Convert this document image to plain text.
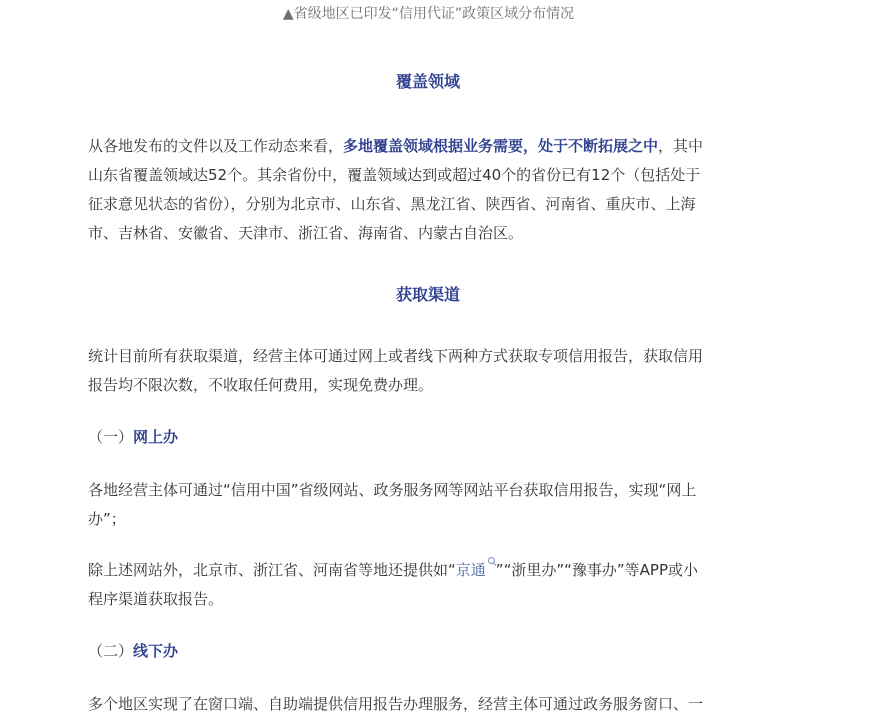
▲省级地区已印发“信用代证”政策区域分布情况
覆盖领域
从各地发布的文件以及工作动态来看，多地覆盖领域根据业务需要，处于不断拓展之中，其中
山东省覆盖领域达52个。其余省份中，覆盖领域达到或超过40个的省份已有12个（包括处于
征求意见状态的省份），分别为北京市、山东省、黑龙江省、陕西省、河南省、重庆市、上海
市、吉林省、安徽省、天津市、浙江省、海南省、内蒙古自治区。
获取渠道
统计目前所有获取渠道，经营主体可通过网上或者线下两种方式获取专项信用报告，获取信用
报告均不限次数，不收取任何费用，实现免费办理。
（一）网上办
各地经营主体可通过“信用中国”省级网站、政务服务网等网站平台获取信用报告，实现“网上
办”；
除上述网站外，北京市、浙江省、河南省等地还提供如“京通 ”“浙里办”“豫事办”等APP或小
程序渠道获取报告。
（二）线下办
多个地区实现了在窗口端、自助端提供信用报告办理服务，经营主体可通过政务服务窗口、一
